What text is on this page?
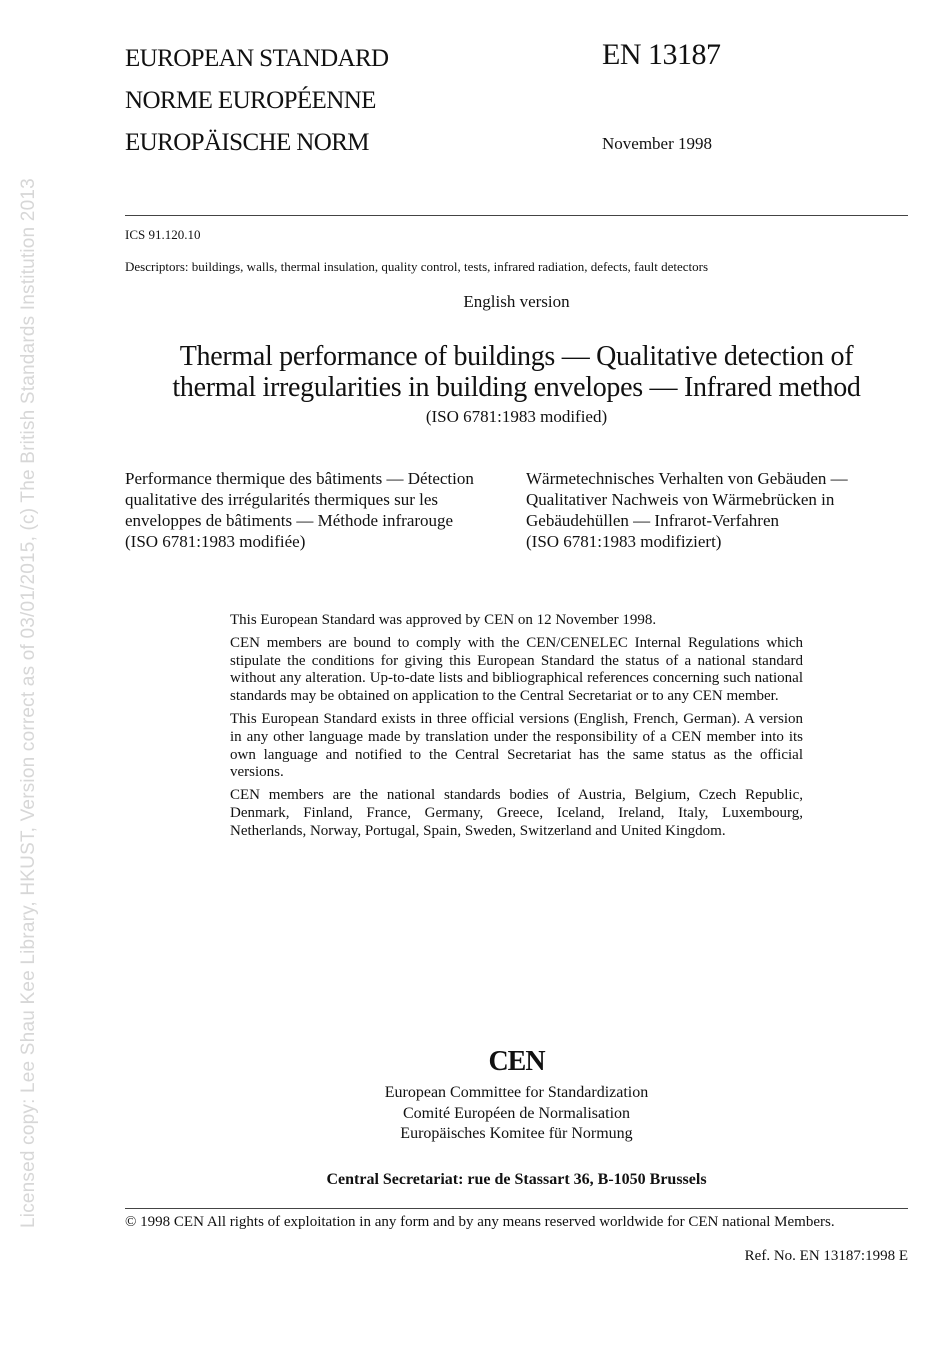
Licensed copy: Lee Shau Kee Library, HKUST, Version correct as of 03/01/2015, (c) The British Standards Institution 2013
EUROPEAN STANDARD
NORME EUROPÉENNE
EUROPÄISCHE NORM
EN 13187
November 1998
ICS 91.120.10
Descriptors: buildings, walls, thermal insulation, quality control, tests, infrared radiation, defects, fault detectors
English version
Thermal performance of buildings — Qualitative detection of
thermal irregularities in building envelopes — Infrared method
(ISO 6781:1983 modified)
Performance thermique des bâtiments — Détection
qualitative des irrégularités thermiques sur les
enveloppes de bâtiments — Méthode infrarouge
(ISO 6781:1983 modifiée)
Wärmetechnisches Verhalten von Gebäuden —
Qualitativer Nachweis von Wärmebrücken in
Gebäudehüllen — Infrarot-Verfahren
(ISO 6781:1983 modifiziert)

This European Standard was approved by CEN on 12 November 1998.

CEN members are bound to comply with the CEN/CENELEC Internal Regulations which stipulate the conditions for giving this European Standard the status of a national standard without any alteration. Up-to-date lists and bibliographical references concerning such national standards may be obtained on application to the Central Secretariat or to any CEN member.

This European Standard exists in three official versions (English, French, German). A version in any other language made by translation under the responsibility of a CEN member into its own language and notified to the Central Secretariat has the same status as the official versions.

CEN members are the national standards bodies of Austria, Belgium, Czech Republic, Denmark, Finland, France, Germany, Greece, Iceland, Ireland, Italy, Luxembourg, Netherlands, Norway, Portugal, Spain, Sweden, Switzerland and United Kingdom.

CEN
European Committee for Standardization
Comité Européen de Normalisation
Europäisches Komitee für Normung
Central Secretariat: rue de Stassart 36, B-1050 Brussels
© 1998 CEN All rights of exploitation in any form and by any means reserved worldwide for CEN national Members.
Ref. No. EN 13187:1998 E
